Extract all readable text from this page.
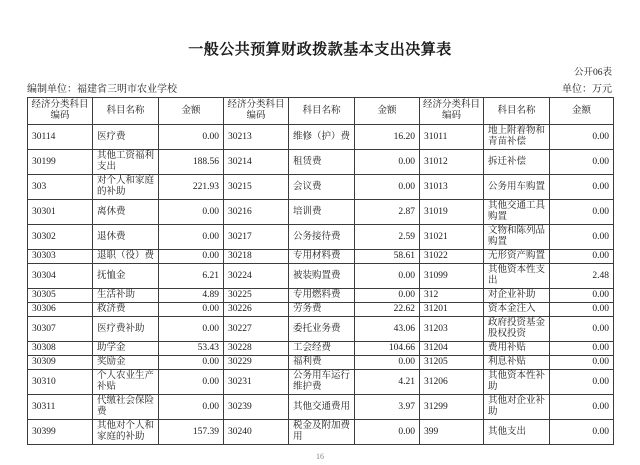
一般公共预算财政拨款基本支出决算表
公开06表
编制单位：福建省三明市农业学校	单位：万元
经济分类科目编码	科目名称	金额	经济分类科目编码	科目名称	金额	经济分类科目编码	科目名称	金额
30114	医疗费	0.00	30213	维修（护）费	16.20	31011	地上附着物和青苗补偿	0.00
30199	其他工资福利支出	188.56	30214	租赁费	0.00	31012	拆迁补偿	0.00
303	对个人和家庭的补助	221.93	30215	会议费	0.00	31013	公务用车购置	0.00
30301	离休费	0.00	30216	培训费	2.87	31019	其他交通工具购置	0.00
30302	退休费	0.00	30217	公务接待费	2.59	31021	文物和陈列品购置	0.00
30303	退职（役）费	0.00	30218	专用材料费	58.61	31022	无形资产购置	0.00
30304	抚恤金	6.21	30224	被装购置费	0.00	31099	其他资本性支出	2.48
30305	生活补助	4.89	30225	专用燃料费	0.00	312	对企业补助	0.00
30306	救济费	0.00	30226	劳务费	22.62	31201	资本金注入	0.00
30307	医疗费补助	0.00	30227	委托业务费	43.06	31203	政府投资基金股权投资	0.00
30308	助学金	53.43	30228	工会经费	104.66	31204	费用补贴	0.00
30309	奖励金	0.00	30229	福利费	0.00	31205	利息补贴	0.00
30310	个人农业生产补贴	0.00	30231	公务用车运行维护费	4.21	31206	其他资本性补助	0.00
30311	代缴社会保险费	0.00	30239	其他交通费用	3.97	31299	其他对企业补助	0.00
30399	其他对个人和家庭的补助	157.39	30240	税金及附加费用	0.00	399	其他支出	0.00
16
